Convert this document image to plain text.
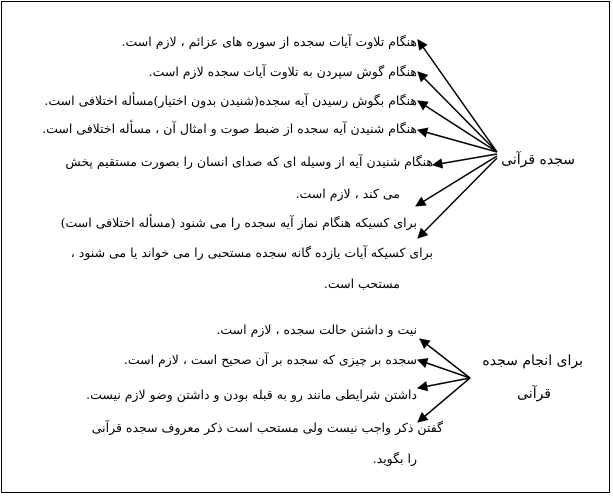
سجده قرآنی
هنگام تلاوت آیات سجده از سوره های عزائم ، لازم است.
هنگام گوش سپردن به تلاوت آیات سجده لازم است.
هنگام بگوش رسیدن آیه سجده(شنیدن بدون اختیار)مسأله اختلافی است.
هنگام شنیدن آیه سجده از ضبط صوت و امثال آن ، مسأله اختلافی است.
هنگام شنیدن آیه از وسیله ای که صدای انسان را بصورت مستقیم پخش
می کند ، لازم است.
برای کسیکه هنگام نماز آیه سجده را می شنود (مسأله اختلافی است)
برای کسیکه آیات یازده گانه سجده مستحبی را می خواند یا می شنود ،
مستحب است.
برای انجام سجده
قرآنی
نیت و داشتن حالت سجده ، لازم است.
سجده بر چیزی که سجده بر آن صحیح است ، لازم است.
داشتن شرایطی مانند رو به قبله بودن و داشتن وضو لازم نیست.
گفتن ذکر واجب نیست ولی مستحب است ذکر معروف سجده قرآنی
را بگوید.
